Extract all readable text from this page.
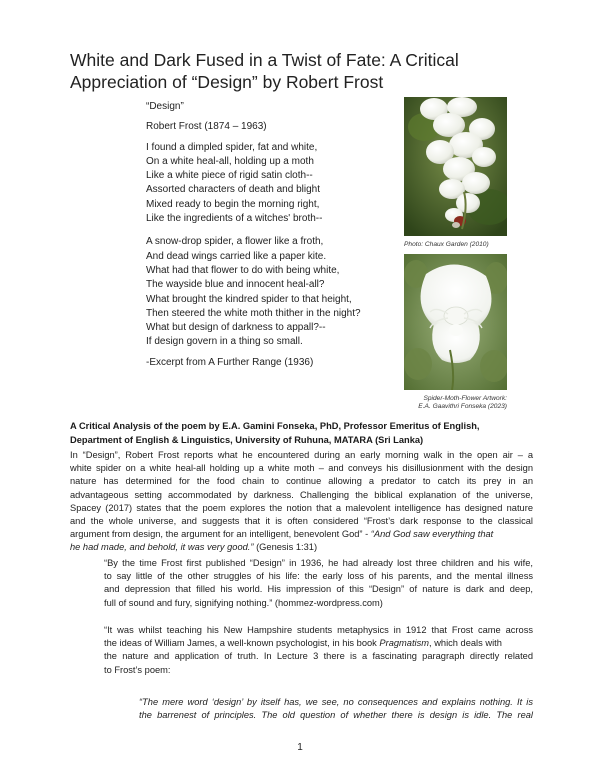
White and Dark Fused in a Twist of Fate: A Critical
Appreciation of “Design” by Robert Frost
“Design”
Robert Frost (1874 – 1963)
I found a dimpled spider, fat and white,
On a white heal-all, holding up a moth
Like a white piece of rigid satin cloth--
Assorted characters of death and blight
Mixed ready to begin the morning right,
Like the ingredients of a witches' broth--
A snow-drop spider, a flower like a froth,
And dead wings carried like a paper kite.
What had that flower to do with being white,
The wayside blue and innocent heal-all?
What brought the kindred spider to that height,
Then steered the white moth thither in the night?
What but design of darkness to appall?--
If design govern in a thing so small.
-Excerpt from A Further Range (1936)
Photo: Chaux Garden (2010)
Spider-Moth-Flower Artwork:
E.A. Gaavithri Fonseka (2023)
A Critical Analysis of the poem by E.A. Gamini Fonseka, PhD, Professor Emeritus of English,
Department of English & Linguistics, University of Ruhuna, MATARA (Sri Lanka)
In “Design”, Robert Frost reports what he encountered during an early morning walk in the open air – a
white spider on a white heal-all holding up a white moth – and conveys his disillusionment with the design
nature has determined for the food chain to continue allowing a predator to catch its prey in an
advantageous setting accommodated by darkness. Challenging the biblical explanation of the universe,
Spacey (2017) states that the poem explores the notion that a malevolent intelligence has designed nature
and the whole universe, and suggests that it is often considered “Frost’s dark response to the classical
argument from design, the argument for an intelligent, benevolent God” - “And God saw everything that
he had made, and behold, it was very good.” (Genesis 1:31)
“By the time Frost first published “Design” in 1936, he had already lost three children and his wife,
to say little of the other struggles of his life: the early loss of his parents, and the mental illness
and depression that filled his world. His impression of this “Design” of nature is dark and deep,
full of sound and fury, signifying nothing.” (hommez-wordpress.com)
“It was whilst teaching his New Hampshire students metaphysics in 1912 that Frost came across
the ideas of William James, a well-known psychologist, in his book Pragmatism, which deals with
the nature and application of truth. In Lecture 3 there is a fascinating paragraph directly related
to Frost’s poem:
“The mere word ‘design’ by itself has, we see, no consequences and explains nothing. It is
the barrenest of principles. The old question of whether there is design is idle. The real
1
